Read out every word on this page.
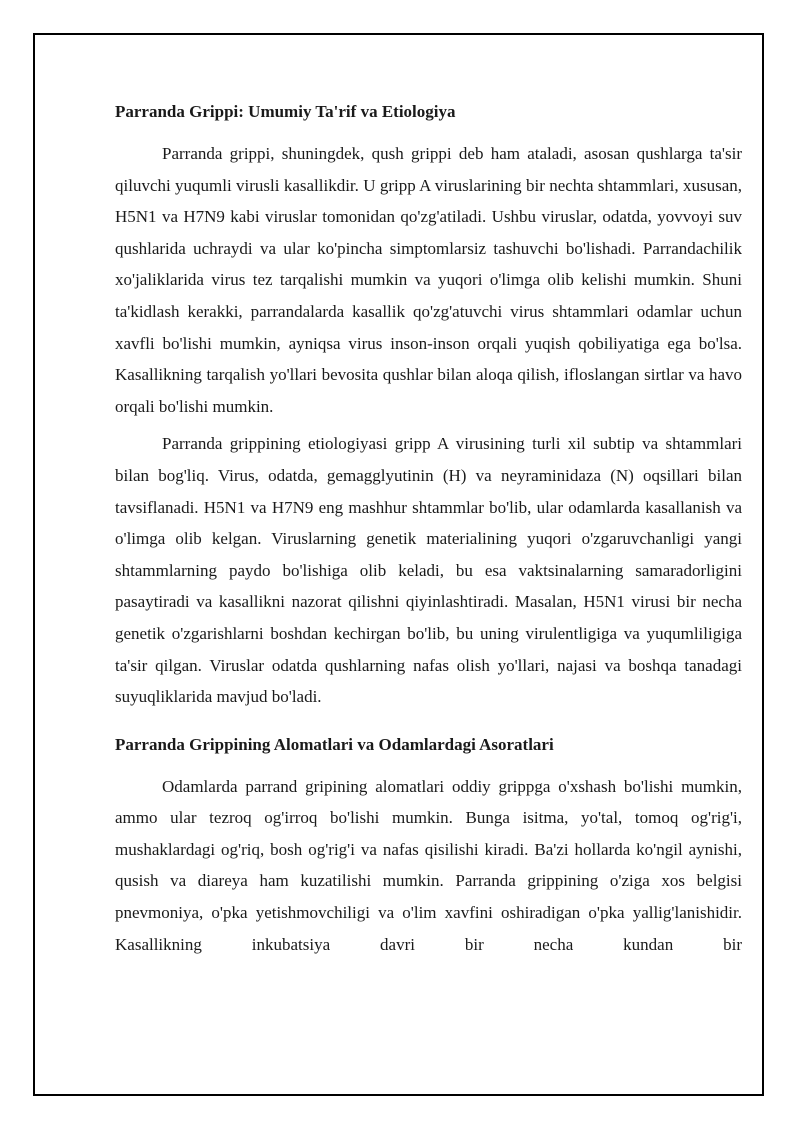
Parranda Grippi: Umumiy Ta'rif va Etiologiya

Parranda grippi, shuningdek, qush grippi deb ham ataladi, asosan qushlarga ta'sir qiluvchi yuqumli virusli kasallikdir. U gripp A viruslarining bir nechta shtammlari, xususan, H5N1 va H7N9 kabi viruslar tomonidan qo'zg'atiladi. Ushbu viruslar, odatda, yovvoyi suv qushlarida uchraydi va ular ko'pincha simptomlarsiz tashuvchi bo'lishadi. Parrandachilik xo'jaliklarida virus tez tarqalishi mumkin va yuqori o'limga olib kelishi mumkin. Shuni ta'kidlash kerakki, parrandalarda kasallik qo'zg'atuvchi virus shtammlari odamlar uchun xavfli bo'lishi mumkin, ayniqsa virus inson-inson orqali yuqish qobiliyatiga ega bo'lsa. Kasallikning tarqalish yo'llari bevosita qushlar bilan aloqa qilish, ifloslangan sirtlar va havo orqali bo'lishi mumkin.

Parranda grippining etiologiyasi gripp A virusining turli xil subtip va shtammlari bilan bog'liq. Virus, odatda, gemagglyutinin (H) va neyraminidaza (N) oqsillari bilan tavsiflanadi. H5N1 va H7N9 eng mashhur shtammlar bo'lib, ular odamlarda kasallanish va o'limga olib kelgan. Viruslarning genetik materialining yuqori o'zgaruvchanligi yangi shtammlarning paydo bo'lishiga olib keladi, bu esa vaktsinalarning samaradorligini pasaytiradi va kasallikni nazorat qilishni qiyinlashtiradi. Masalan, H5N1 virusi bir necha genetik o'zgarishlarni boshdan kechirgan bo'lib, bu uning virulentligiga va yuqumliligiga ta'sir qilgan. Viruslar odatda qushlarning nafas olish yo'llari, najasi va boshqa tanadagi suyuqliklarida mavjud bo'ladi.

Parranda Grippining Alomatlari va Odamlardagi Asoratlari

Odamlarda parrand gripining alomatlari oddiy grippga o'xshash bo'lishi mumkin, ammo ular tezroq og'irroq bo'lishi mumkin. Bunga isitma, yo'tal, tomoq og'rig'i, mushaklardagi og'riq, bosh og'rig'i va nafas qisilishi kiradi. Ba'zi hollarda ko'ngil aynishi, qusish va diareya ham kuzatilishi mumkin. Parranda grippining o'ziga xos belgisi pnevmoniya, o'pka yetishmovchiligi va o'lim xavfini oshiradigan o'pka yallig'lanishidir. Kasallikning inkubatsiya davri bir necha kundan bir
